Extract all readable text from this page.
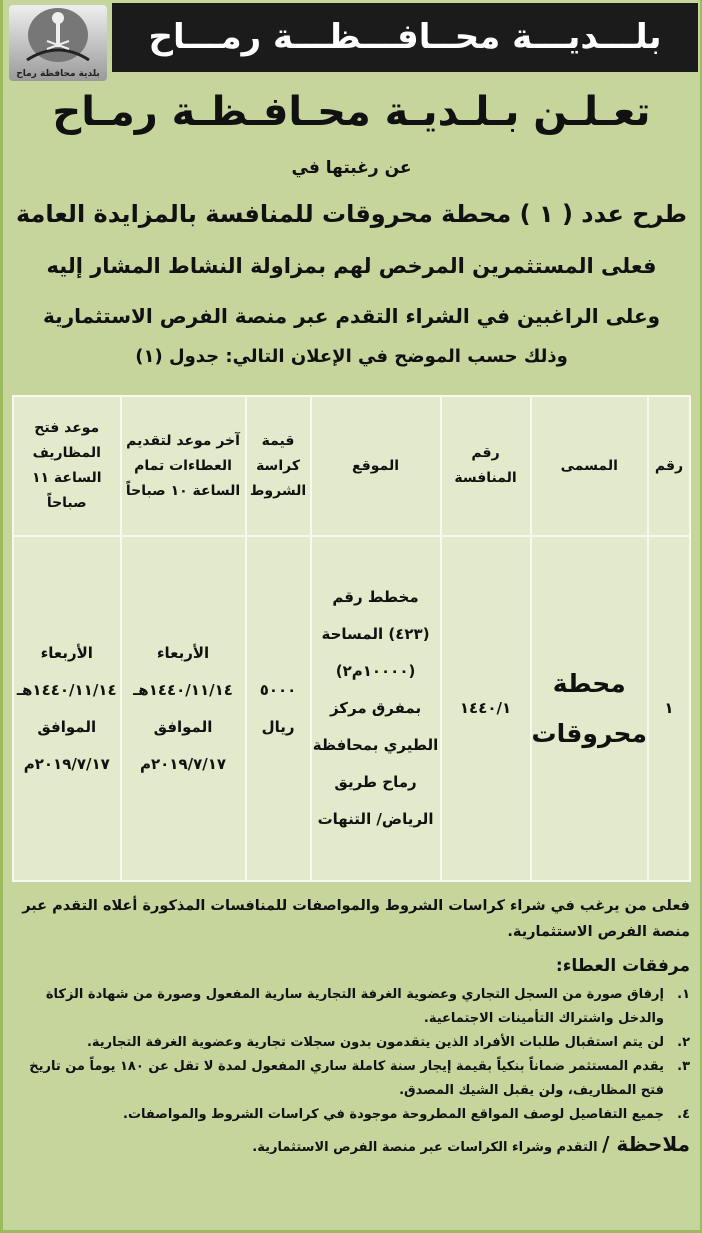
بلـــديـــة محــافـــظـــة رمـــاح
بلدية محافظة رماح
تعـلـن بـلـديـة محـافـظـة رمـاح
عن رغبتها في
طرح عدد ( ١ ) محطة محروقات للمنافسة بالمزايدة العامة
فعلى المستثمرين المرخص لهم بمزاولة النشاط المشار إليه
وعلى الراغبين في الشراء التقدم عبر منصة الفرص الاستثمارية
وذلك حسب الموضح في الإعلان التالي: جدول (١)
رقم	المسمى	رقم المنافسة	الموقع	قيمة كراسة الشروط	آخر موعد لتقديم العطاءات تمام الساعة ١٠ صباحاً	موعد فتح المظاريف الساعة ١١ صباحاً
١	محطة محروقات	١٤٤٠/١	مخطط رقم (٤٢٣) المساحة (١٠٠٠٠م٢) بمفرق مركز الطيري بمحافظة رماح طريق الرياض/ التنهات	٥٠٠٠ ريال	الأربعاء ١٤٤٠/١١/١٤هـ الموافق ٢٠١٩/٧/١٧م	الأربعاء ١٤٤٠/١١/١٤هـ الموافق ٢٠١٩/٧/١٧م

فعلى من يرغب في شراء كراسات الشروط والمواصفات للمنافسات المذكورة أعلاه التقدم عبر منصة الفرص الاستثمارية.

مرفقات العطاء:
١.
إرفاق صورة من السجل التجاري وعضوية الغرفة التجارية سارية المفعول وصورة من شهادة الزكاة والدخل واشتراك التأمينات الاجتماعية.
٢.
لن يتم استقبال طلبات الأفراد الذين يتقدمون بدون سجلات تجارية وعضوية الغرفة التجارية.
٣.
يقدم المستثمر ضماناً بنكياً بقيمة إيجار سنة كاملة ساري المفعول لمدة لا تقل عن ١٨٠ يوماً من تاريخ فتح المظاريف، ولن يقبل الشيك المصدق.
٤.
جميع التفاصيل لوصف المواقع المطروحة موجودة في كراسات الشروط والمواصفات.
ملاحظة / التقدم وشراء الكراسات عبر منصة الفرص الاستثمارية.
